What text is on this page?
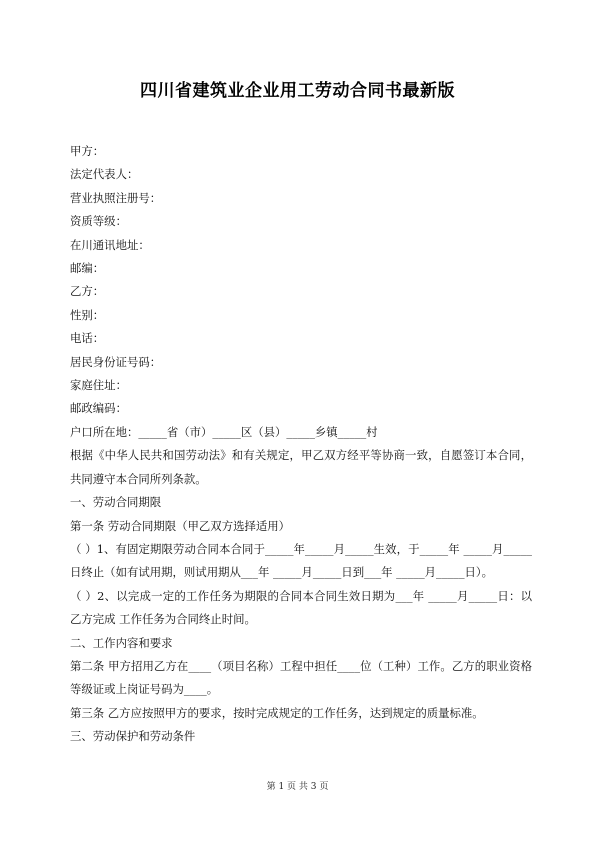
四川省建筑业企业用工劳动合同书最新版

甲方：

法定代表人：

营业执照注册号：

资质等级：

在川通讯地址：

邮编：

乙方：

性别：

电话：

居民身份证号码：

家庭住址：

邮政编码：

户口所在地：_____省（市）_____区（县）_____乡镇_____村

根据《中华人民共和国劳动法》和有关规定，甲乙双方经平等协商一致，自愿签订本合同，共同遵守本合同所列条款。

一、劳动合同期限

第一条 劳动合同期限（甲乙双方选择适用）

（ ）1、有固定期限劳动合同本合同于_____年_____月_____生效，于_____年 _____月_____日终止（如有试用期，则试用期从___年 _____月_____日到___年 _____月_____日）。

（ ）2、以完成一定的工作任务为期限的合同本合同生效日期为___年 _____月_____日：以乙方完成 工作任务为合同终止时间。

二、工作内容和要求

第二条 甲方招用乙方在____（项目名称）工程中担任____位（工种）工作。乙方的职业资格等级证或上岗证号码为____。

第三条 乙方应按照甲方的要求，按时完成规定的工作任务，达到规定的质量标准。

三、劳动保护和劳动条件

第 1 页 共 3 页
